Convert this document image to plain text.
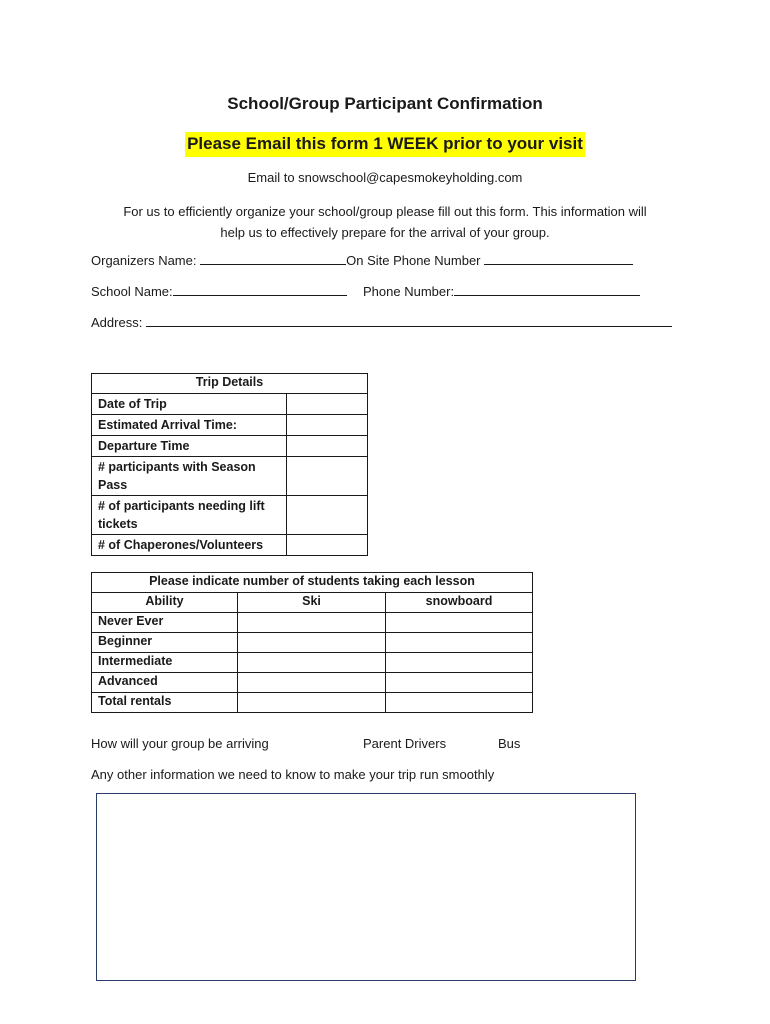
School/Group Participant Confirmation
Please Email this form 1 WEEK prior to your visit
Email to snowschool@capesmokeyholding.com
For us to efficiently organize your school/group please fill out this form. This information will
help us to effectively prepare for the arrival of your group.
Organizers Name:	On Site Phone Number
School Name:	Phone Number:
Address:
Trip Details	
Date of Trip	
Estimated Arrival Time:	
Departure Time	
# participants with Season Pass	
# of participants needing lift tickets	
# of Chaperones/Volunteers	
Please indicate number of students taking each lesson		
Ability	Ski	snowboard
Never Ever		
Beginner		
Intermediate		
Advanced		
Total rentals		
How will your group be arriving	Parent Drivers	Bus
Any other information we need to know to make your trip run smoothly
